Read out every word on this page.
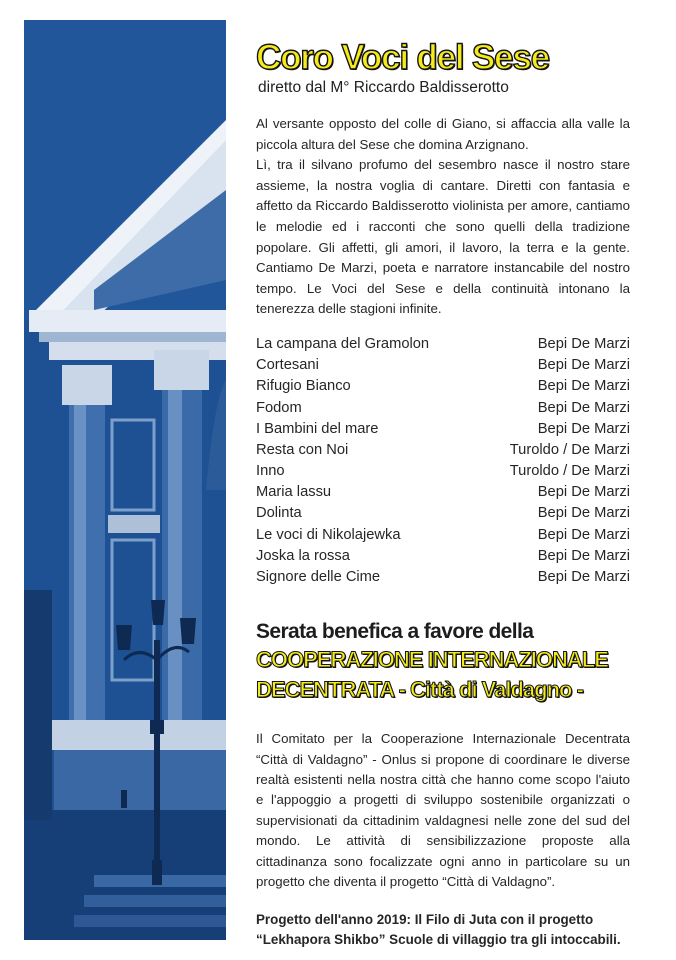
Coro Voci del Sese

diretto dal M° Riccardo Baldisserotto

Al versante opposto del colle di Giano, si affaccia alla valle la piccola altura del Sese che domina Arzignano.

Lì, tra il silvano profumo del sesembro nasce il nostro stare assieme, la nostra voglia di cantare. Diretti con fantasia e affetto da Riccardo Baldisserotto violinista per amore, cantiamo le melodie ed i racconti che sono quelli della tradizione popolare. Gli affetti, gli amori, il lavoro, la terra e la gente. Cantiamo De Marzi, poeta e narratore instancabile del nostro tempo. Le Voci del Sese e della continuità intonano la tenerezza delle stagioni infinite.

La campana del Gramolon	Bepi De Marzi
Cortesani	Bepi De Marzi
Rifugio Bianco	Bepi De Marzi
Fodom	Bepi De Marzi
I Bambini del mare	Bepi De Marzi
Resta con Noi	Turoldo / De Marzi
Inno	Turoldo / De Marzi
Maria lassu	Bepi De Marzi
Dolinta	Bepi De Marzi
Le voci di Nikolajewka	Bepi De Marzi
Joska la rossa	Bepi De Marzi
Signore delle Cime	Bepi De Marzi
Serata benefica a favore della
COOPERAZIONE INTERNAZIONALE
DECENTRATA - Città di Valdagno -

Il Comitato per la Cooperazione Internazionale Decentrata “Città di Valdagno” - Onlus si propone di coordinare le diverse realtà esistenti nella nostra città che hanno come scopo l'aiuto e l'appoggio a progetti di sviluppo sostenibile organizzati o supervisionati da cittadinim valdagnesi nelle zone del sud del mondo. Le attività di sensibilizzazione proposte alla cittadinanza sono focalizzate ogni anno in particolare su un progetto che diventa il progetto “Città di Valdagno”.

Progetto dell'anno 2019: Il Filo di Juta con il progetto
“Lekhapora Shikbo” Scuole di villaggio tra gli intoccabili.
